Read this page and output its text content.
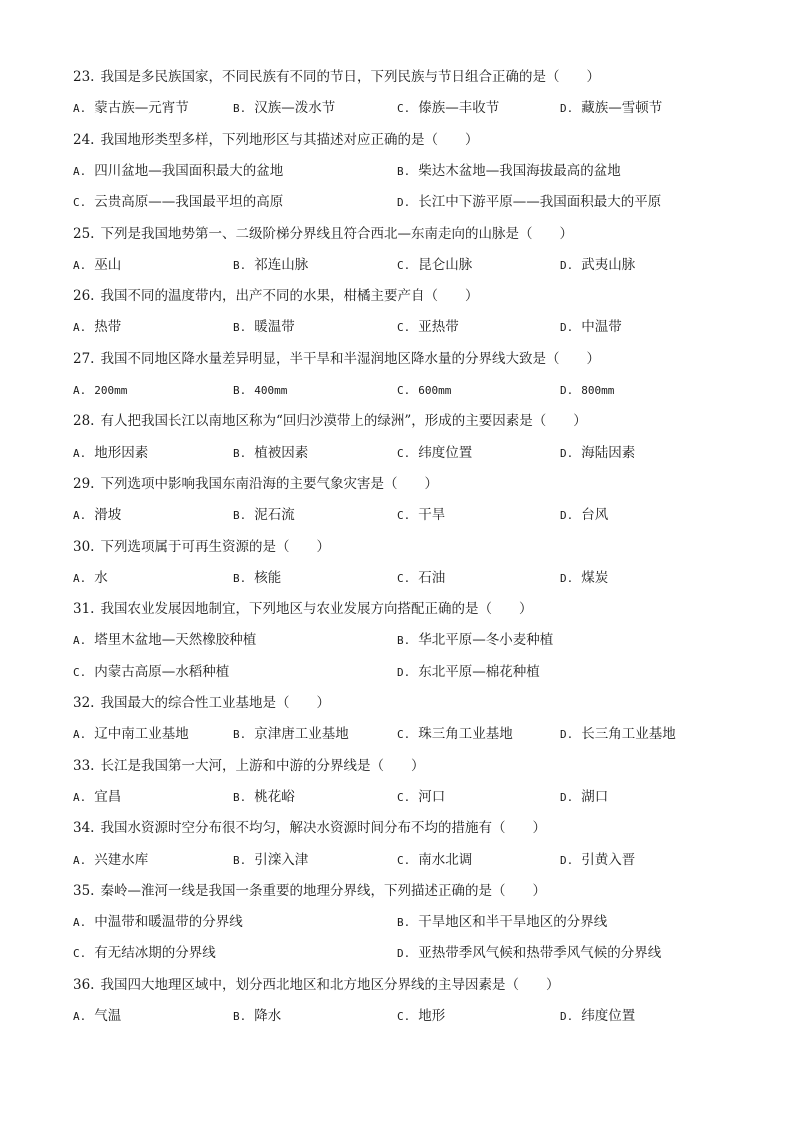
23. 我国是多民族国家，不同民族有不同的节日，下列民族与节日组合正确的是（　　）
A. 蒙古族—元宵节	B. 汉族—泼水节	C. 傣族—丰收节	D. 藏族—雪顿节
24. 我国地形类型多样，下列地形区与其描述对应正确的是（　　）
A. 四川盆地—我国面积最大的盆地	B. 柴达木盆地—我国海拔最高的盆地
C. 云贵高原——我国最平坦的高原	D. 长江中下游平原——我国面积最大的平原
25. 下列是我国地势第一、二级阶梯分界线且符合西北—东南走向的山脉是（　　）
A. 巫山	B. 祁连山脉	C. 昆仑山脉	D. 武夷山脉
26. 我国不同的温度带内，出产不同的水果，柑橘主要产自（　　）
A. 热带	B. 暖温带	C. 亚热带	D. 中温带
27. 我国不同地区降水量差异明显，半干旱和半湿润地区降水量的分界线大致是（　　）
A. 200mm	B. 400mm	C. 600mm	D. 800mm
28. 有人把我国长江以南地区称为“回归沙漠带上的绿洲”，形成的主要因素是（　　）
A. 地形因素	B. 植被因素	C. 纬度位置	D. 海陆因素
29. 下列选项中影响我国东南沿海的主要气象灾害是（　　）
A. 滑坡	B. 泥石流	C. 干旱	D. 台风
30. 下列选项属于可再生资源的是（　　）
A. 水	B. 核能	C. 石油	D. 煤炭
31. 我国农业发展因地制宜，下列地区与农业发展方向搭配正确的是（　　）
A. 塔里木盆地—天然橡胶种植	B. 华北平原—冬小麦种植
C. 内蒙古高原—水稻种植	D. 东北平原—棉花种植
32. 我国最大的综合性工业基地是（　　）
A. 辽中南工业基地	B. 京津唐工业基地	C. 珠三角工业基地	D. 长三角工业基地
33. 长江是我国第一大河，上游和中游的分界线是（　　）
A. 宜昌	B. 桃花峪	C. 河口	D. 湖口
34. 我国水资源时空分布很不均匀，解决水资源时间分布不均的措施有（　　）
A. 兴建水库	B. 引滦入津	C. 南水北调	D. 引黄入晋
35. 秦岭—淮河一线是我国一条重要的地理分界线，下列描述正确的是（　　）
A. 中温带和暖温带的分界线	B. 干旱地区和半干旱地区的分界线
C. 有无结冰期的分界线	D. 亚热带季风气候和热带季风气候的分界线
36. 我国四大地理区域中，划分西北地区和北方地区分界线的主导因素是（　　）
A. 气温	B. 降水	C. 地形	D. 纬度位置
